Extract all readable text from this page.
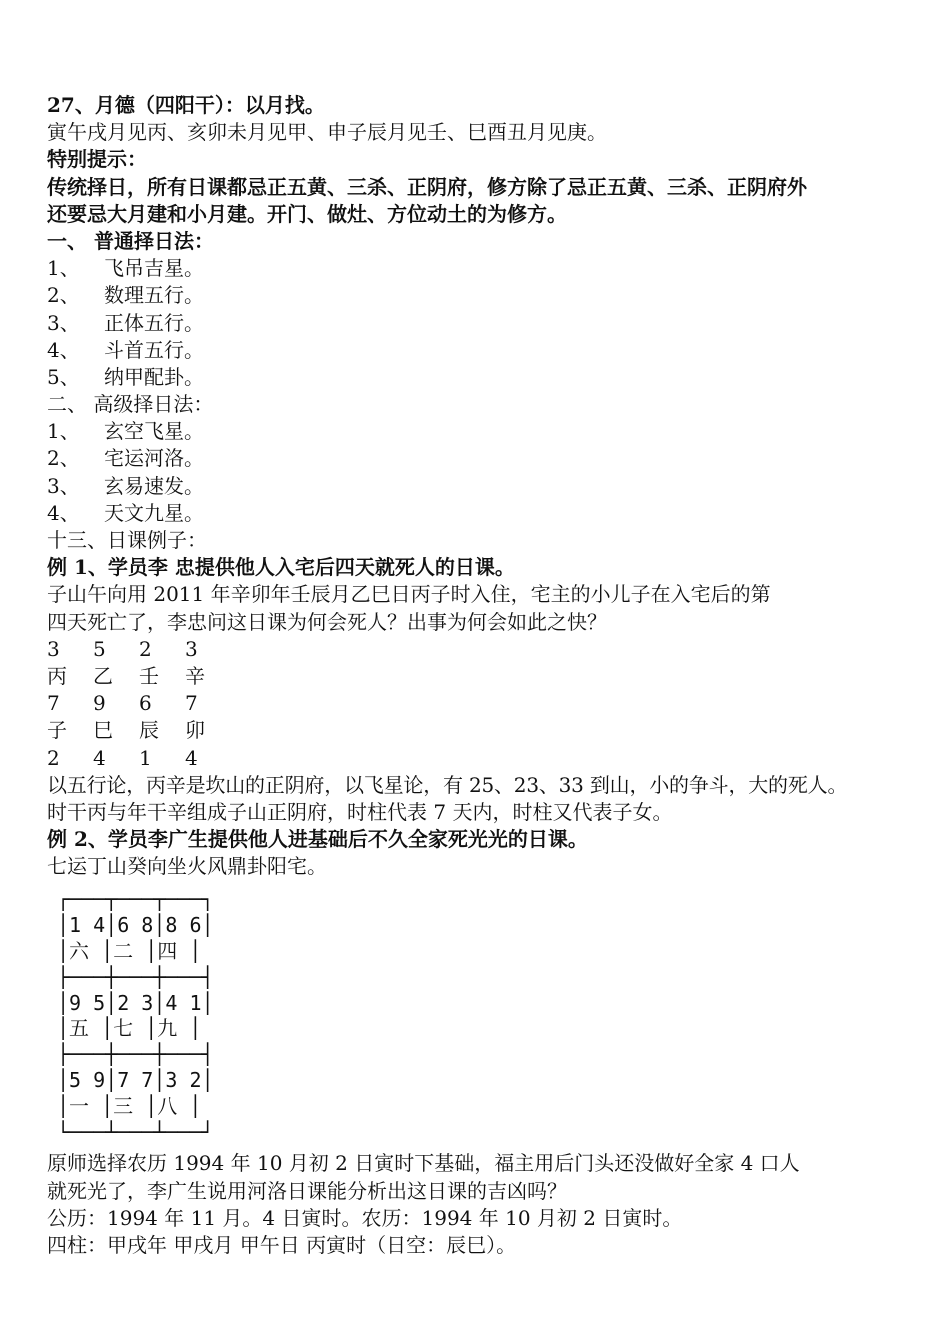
27、月德（四阳干）：以月找。
寅午戌月见丙、亥卯未月见甲、申子辰月见壬、巳酉丑月见庚。
特别提示：
传统择日，所有日课都忌正五黄、三杀、正阴府，修方除了忌正五黄、三杀、正阴府外
还要忌大月建和小月建。开门、做灶、方位动土的为修方。
一、 普通择日法：
1、	飞吊吉星。
2、	数理五行。
3、	正体五行。
4、	斗首五行。
5、	纳甲配卦。
二、 高级择日法：
1、	玄空飞星。
2、	宅运河洛。
3、	玄易速发。
4、	天文九星。
十三、日课例子：
例 1、学员李 忠提供他人入宅后四天就死人的日课。
子山午向用 2011 年辛卯年壬辰月乙巳日丙子时入住，宅主的小儿子在入宅后的第
四天死亡了，李忠问这日课为何会死人？出事为何会如此之快？
3	5	2	3
丙	乙	壬	辛
7	9	6	7
子	巳	辰	卯
2	4	1	4
以五行论，丙辛是坎山的正阴府，以飞星论，有 25、23、33 到山，小的争斗，大的死人。
时干丙与年干辛组成子山正阴府，时柱代表 7 天内，时柱又代表子女。
例 2、学员李广生提供他人进基础后不久全家死光光的日课。
七运丁山癸向坐火风鼎卦阳宅。
┌───┬───┬───┐
│1 4│6 8│8 6│
│六 │二 │四 │
├───┼───┼───┤
│9 5│2 3│4 1│
│五 │七 │九 │
├───┼───┼───┤
│5 9│7 7│3 2│
│一 │三 │八 │
└───┴───┴───┘
原师选择农历 1994 年 10 月初 2 日寅时下基础，福主用后门头还没做好全家 4 口人
就死光了，李广生说用河洛日课能分析出这日课的吉凶吗？
公历：1994 年 11 月。4 日寅时。农历：1994 年 10 月初 2 日寅时。
四柱：甲戌年 甲戌月 甲午日 丙寅时（日空：辰巳）。
